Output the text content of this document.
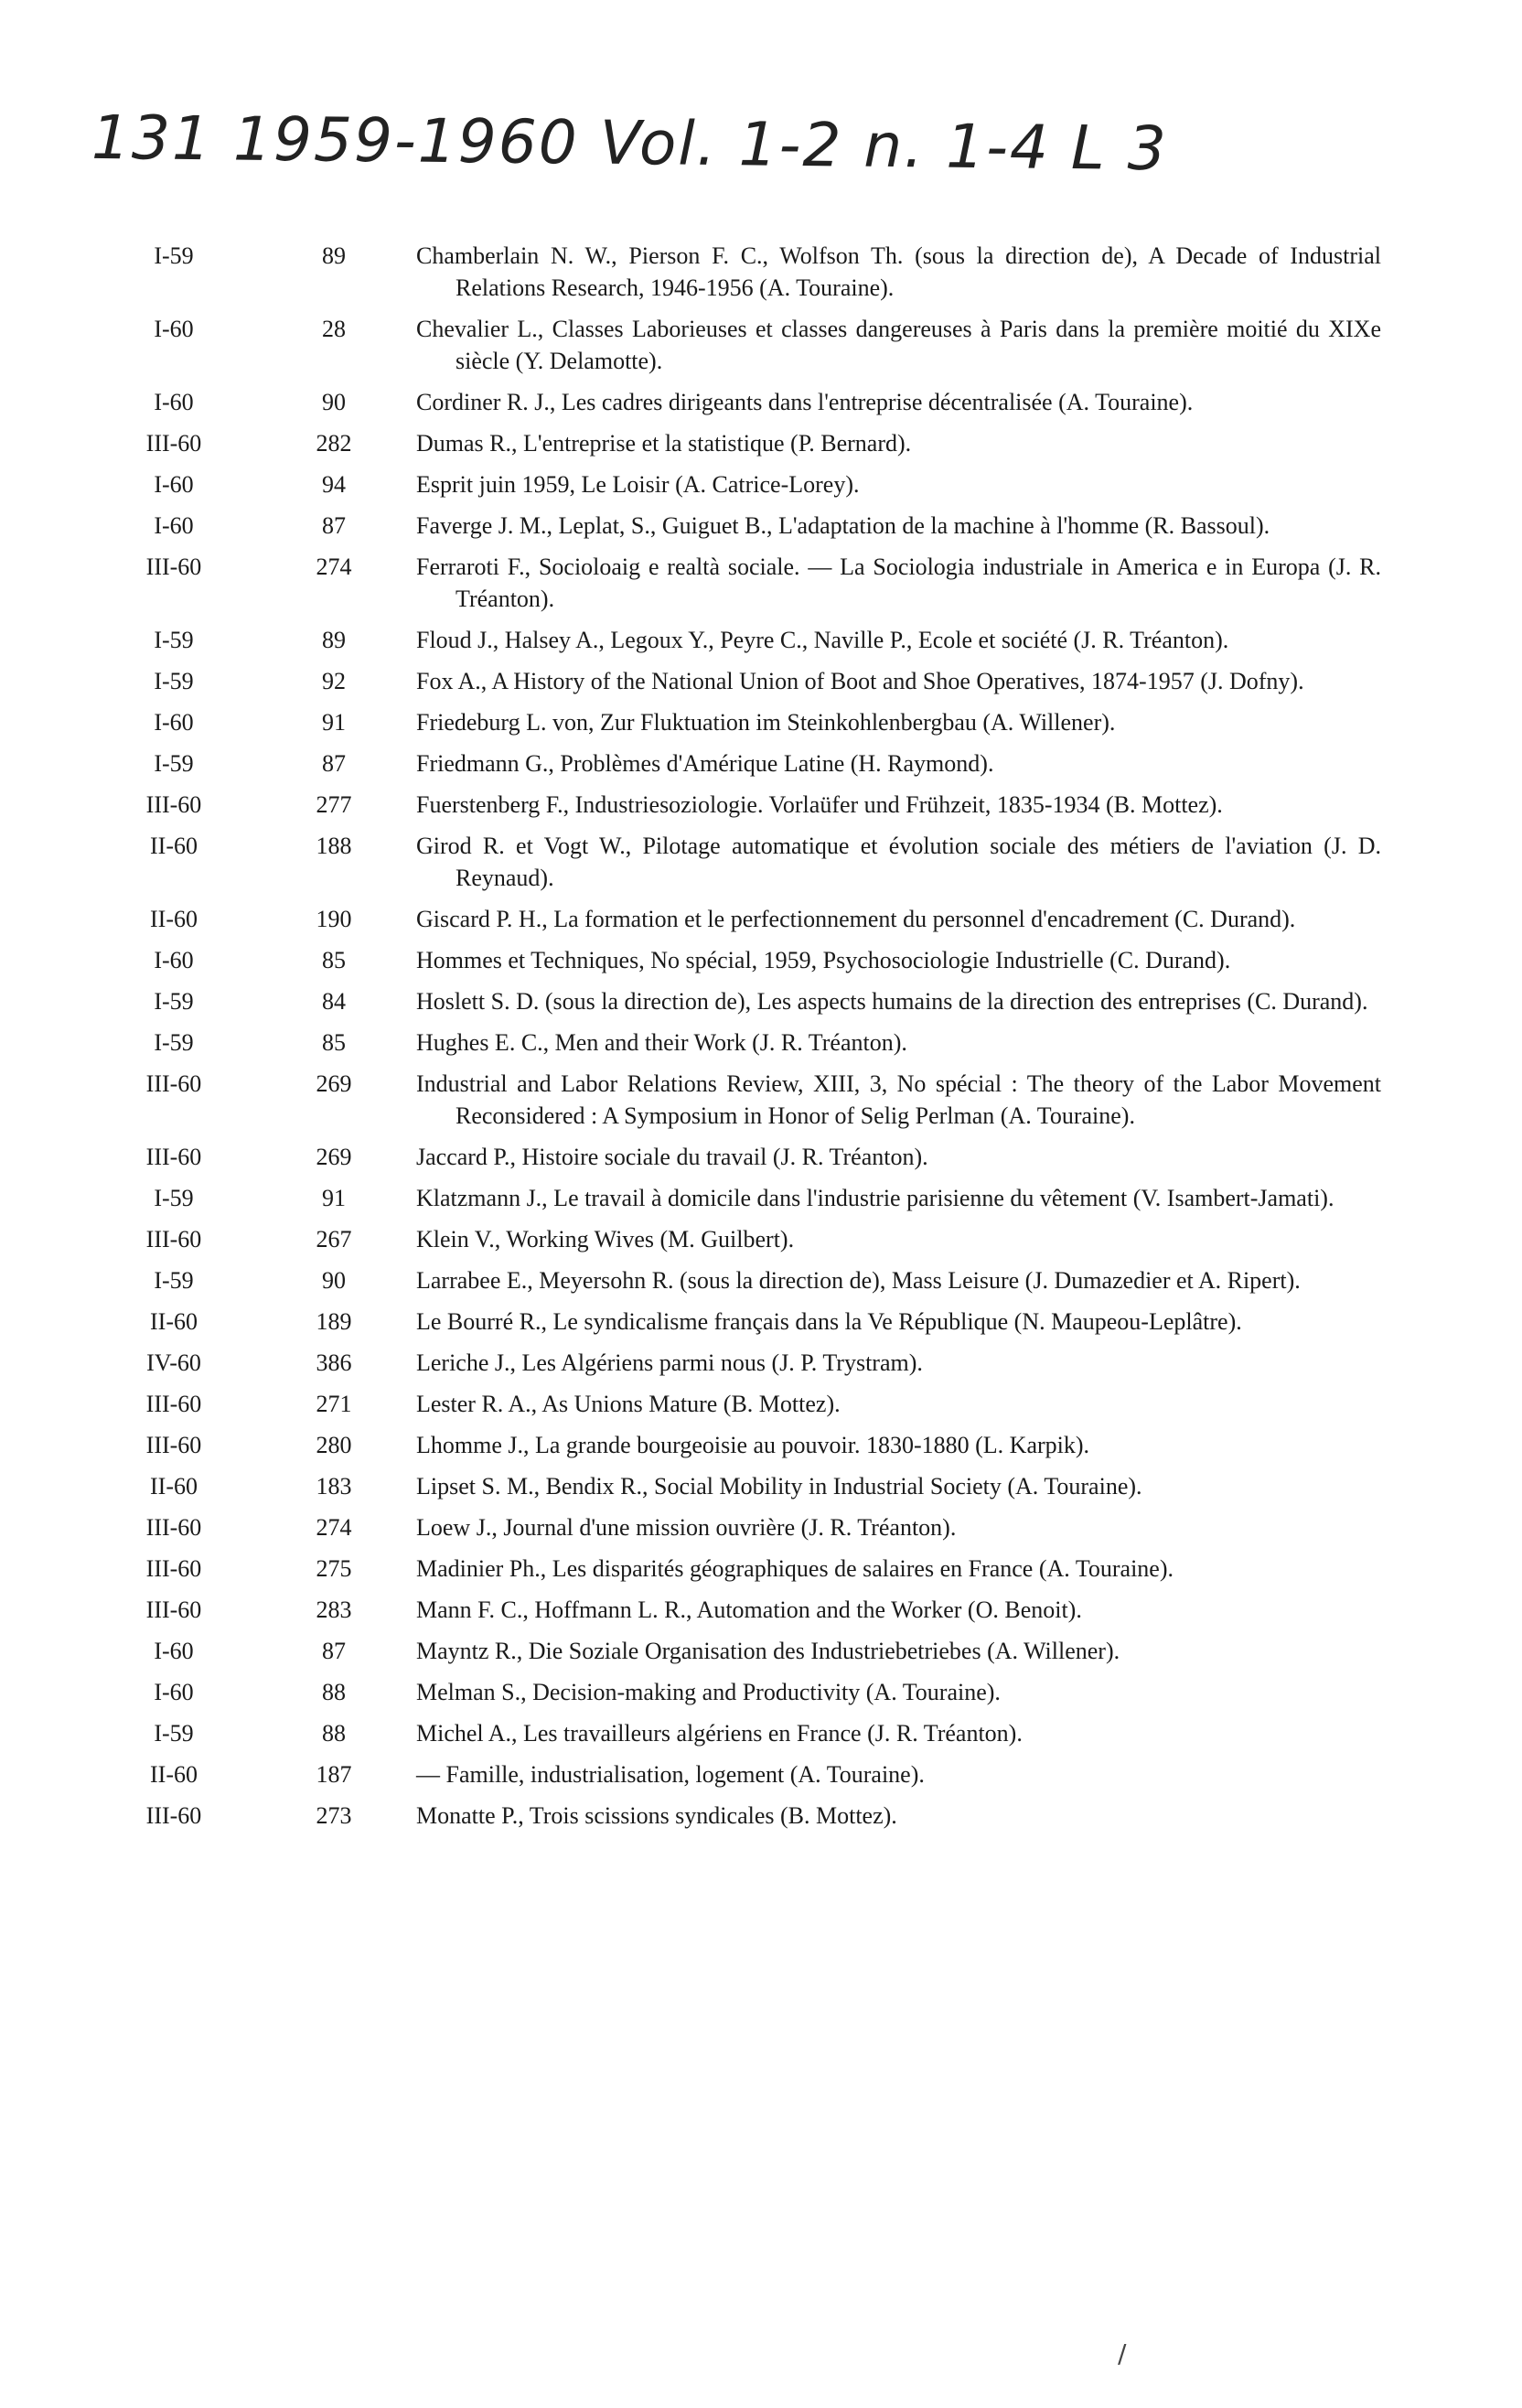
131 1959-1960 Vol. 1-2 n. 1-4 L 3
I-59	89	Chamberlain N. W., Pierson F. C., Wolfson Th. (sous la direction de), A Decade of Industrial Relations Research, 1946-1956 (A. Touraine).
I-60	28	Chevalier L., Classes Laborieuses et classes dangereuses à Paris dans la première moitié du XIXe siècle (Y. Delamotte).
I-60	90	Cordiner R. J., Les cadres dirigeants dans l'entreprise décentralisée (A. Touraine).
III-60	282	Dumas R., L'entreprise et la statistique (P. Bernard).
I-60	94	Esprit juin 1959, Le Loisir (A. Catrice-Lorey).
I-60	87	Faverge J. M., Leplat, S., Guiguet B., L'adaptation de la machine à l'homme (R. Bassoul).
III-60	274	Ferraroti F., Socioloaig e realtà sociale. — La Sociologia industriale in America e in Europa (J. R. Tréanton).
I-59	89	Floud J., Halsey A., Legoux Y., Peyre C., Naville P., Ecole et société (J. R. Tréanton).
I-59	92	Fox A., A History of the National Union of Boot and Shoe Operatives, 1874-1957 (J. Dofny).
I-60	91	Friedeburg L. von, Zur Fluktuation im Steinkohlenbergbau (A. Willener).
I-59	87	Friedmann G., Problèmes d'Amérique Latine (H. Raymond).
III-60	277	Fuerstenberg F., Industriesoziologie. Vorlaüfer und Frühzeit, 1835-1934 (B. Mottez).
II-60	188	Girod R. et Vogt W., Pilotage automatique et évolution sociale des métiers de l'aviation (J. D. Reynaud).
II-60	190	Giscard P. H., La formation et le perfectionnement du personnel d'encadrement (C. Durand).
I-60	85	Hommes et Techniques, No spécial, 1959, Psychosociologie Industrielle (C. Durand).
I-59	84	Hoslett S. D. (sous la direction de), Les aspects humains de la direction des entreprises (C. Durand).
I-59	85	Hughes E. C., Men and their Work (J. R. Tréanton).
III-60	269	Industrial and Labor Relations Review, XIII, 3, No spécial : The theory of the Labor Movement Reconsidered : A Symposium in Honor of Selig Perlman (A. Touraine).
III-60	269	Jaccard P., Histoire sociale du travail (J. R. Tréanton).
I-59	91	Klatzmann J., Le travail à domicile dans l'industrie parisienne du vêtement (V. Isambert-Jamati).
III-60	267	Klein V., Working Wives (M. Guilbert).
I-59	90	Larrabee E., Meyersohn R. (sous la direction de), Mass Leisure (J. Dumazedier et A. Ripert).
II-60	189	Le Bourré R., Le syndicalisme français dans la Ve République (N. Maupeou-Leplâtre).
IV-60	386	Leriche J., Les Algériens parmi nous (J. P. Trystram).
III-60	271	Lester R. A., As Unions Mature (B. Mottez).
III-60	280	Lhomme J., La grande bourgeoisie au pouvoir. 1830-1880 (L. Karpik).
II-60	183	Lipset S. M., Bendix R., Social Mobility in Industrial Society (A. Touraine).
III-60	274	Loew J., Journal d'une mission ouvrière (J. R. Tréanton).
III-60	275	Madinier Ph., Les disparités géographiques de salaires en France (A. Touraine).
III-60	283	Mann F. C., Hoffmann L. R., Automation and the Worker (O. Benoit).
I-60	87	Mayntz R., Die Soziale Organisation des Industriebetriebes (A. Willener).
I-60	88	Melman S., Decision-making and Productivity (A. Touraine).
I-59	88	Michel A., Les travailleurs algériens en France (J. R. Tréanton).
II-60	187	— Famille, industrialisation, logement (A. Touraine).
III-60	273	Monatte P., Trois scissions syndicales (B. Mottez).
/
